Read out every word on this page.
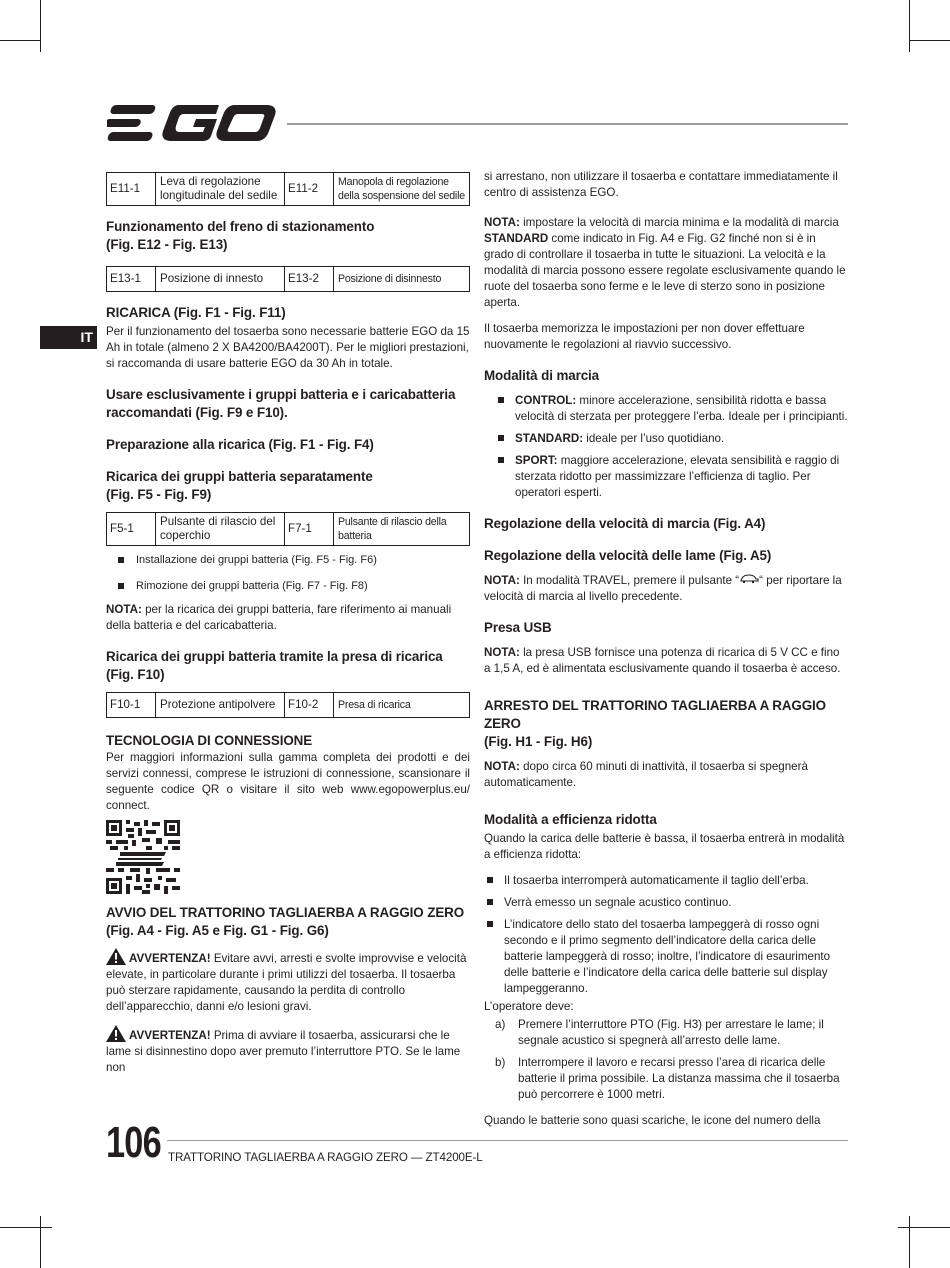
IT
E11-1	Leva di regolazione longitudinale del sedile	E11-2	Manopola di regolazione della sospensione del sedile
Funzionamento del freno di stazionamento
(Fig. E12 - Fig. E13)
E13-1	Posizione di innesto	E13-2	Posizione di disinnesto
RICARICA (Fig. F1 - Fig. F11)

Per il funzionamento del tosaerba sono necessarie batterie EGO da 15 Ah in totale (almeno 2 X BA4200/BA4200T). Per le migliori prestazioni, si raccomanda di usare batterie EGO da 30 Ah in totale.

Usare esclusivamente i gruppi batteria e i caricabatteria raccomandati (Fig. F9 e F10).
Preparazione alla ricarica (Fig. F1 - Fig. F4)
Ricarica dei gruppi batteria separatamente
(Fig. F5 - Fig. F9)
F5-1	Pulsante di rilascio del coperchio	F7-1	Pulsante di rilascio della batteria
Installazione dei gruppi batteria (Fig. F5 - Fig. F6)
Rimozione dei gruppi batteria (Fig. F7 - Fig. F8)

NOTA: per la ricarica dei gruppi batteria, fare riferimento ai manuali della batteria e del caricabatteria.

Ricarica dei gruppi batteria tramite la presa di ricarica
(Fig. F10)
F10-1	Protezione antipolvere	F10-2	Presa di ricarica
TECNOLOGIA DI CONNESSIONE

Per maggiori informazioni sulla gamma completa dei prodotti e dei servizi connessi, comprese le istruzioni di connessione, scansionare il seguente codice QR o visitare il sito web www.egopowerplus.eu/ connect.

AVVIO DEL TRATTORINO TAGLIAERBA A RAGGIO ZERO
(Fig. A4 - Fig. A5 e Fig. G1 - Fig. G6)

AVVERTENZA! Evitare avvi, arresti e svolte improvvise e velocità elevate, in particolare durante i primi utilizzi del tosaerba. Il tosaerba può sterzare rapidamente, causando la perdita di controllo dell’apparecchio, danni e/o lesioni gravi.

AVVERTENZA! Prima di avviare il tosaerba, assicurarsi che le lame si disinnestino dopo aver premuto l’interruttore PTO. Se le lame non

si arrestano, non utilizzare il tosaerba e contattare immediatamente il centro di assistenza EGO.

NOTA: impostare la velocità di marcia minima e la modalità di marcia STANDARD come indicato in Fig. A4 e Fig. G2 finché non si è in grado di controllare il tosaerba in tutte le situazioni. La velocità e la modalità di marcia possono essere regolate esclusivamente quando le ruote del tosaerba sono ferme e le leve di sterzo sono in posizione aperta.

Il tosaerba memorizza le impostazioni per non dover effettuare nuovamente le regolazioni al riavvio successivo.

Modalità di marcia
CONTROL: minore accelerazione, sensibilità ridotta e bassa velocità di sterzata per proteggere l’erba. Ideale per i principianti.
STANDARD: ideale per l’uso quotidiano.
SPORT: maggiore accelerazione, elevata sensibilità e raggio di sterzata ridotto per massimizzare l’efficienza di taglio. Per operatori esperti.
Regolazione della velocità di marcia (Fig. A4)
Regolazione della velocità delle lame (Fig. A5)

NOTA: In modalità TRAVEL, premere il pulsante “ “ per riportare la velocità di marcia al livello precedente.

Presa USB

NOTA: la presa USB fornisce una potenza di ricarica di 5 V CC e fino a 1,5 A, ed è alimentata esclusivamente quando il tosaerba è acceso.

ARRESTO DEL TRATTORINO TAGLIAERBA A RAGGIO ZERO
(Fig. H1 - Fig. H6)

NOTA: dopo circa 60 minuti di inattività, il tosaerba si spegnerà automaticamente.

Modalità a efficienza ridotta

Quando la carica delle batterie è bassa, il tosaerba entrerà in modalità a efficienza ridotta:

Il tosaerba interromperà automaticamente il taglio dell’erba.
Verrà emesso un segnale acustico continuo.
L’indicatore dello stato del tosaerba lampeggerà di rosso ogni secondo e il primo segmento dell’indicatore della carica delle batterie lampeggerà di rosso; inoltre, l’indicatore di esaurimento delle batterie e l’indicatore della carica delle batterie sul display lampeggeranno.

L’operatore deve:

a) Premere l’interruttore PTO (Fig. H3) per arrestare le lame; il segnale acustico si spegnerà all’arresto delle lame.
b) Interrompere il lavoro e recarsi presso l’area di ricarica delle batterie il prima possibile. La distanza massima che il tosaerba può percorrere è 1000 metri.

Quando le batterie sono quasi scariche, le icone del numero della

106 TRATTORINO TAGLIAERBA A RAGGIO ZERO — ZT4200E-L
